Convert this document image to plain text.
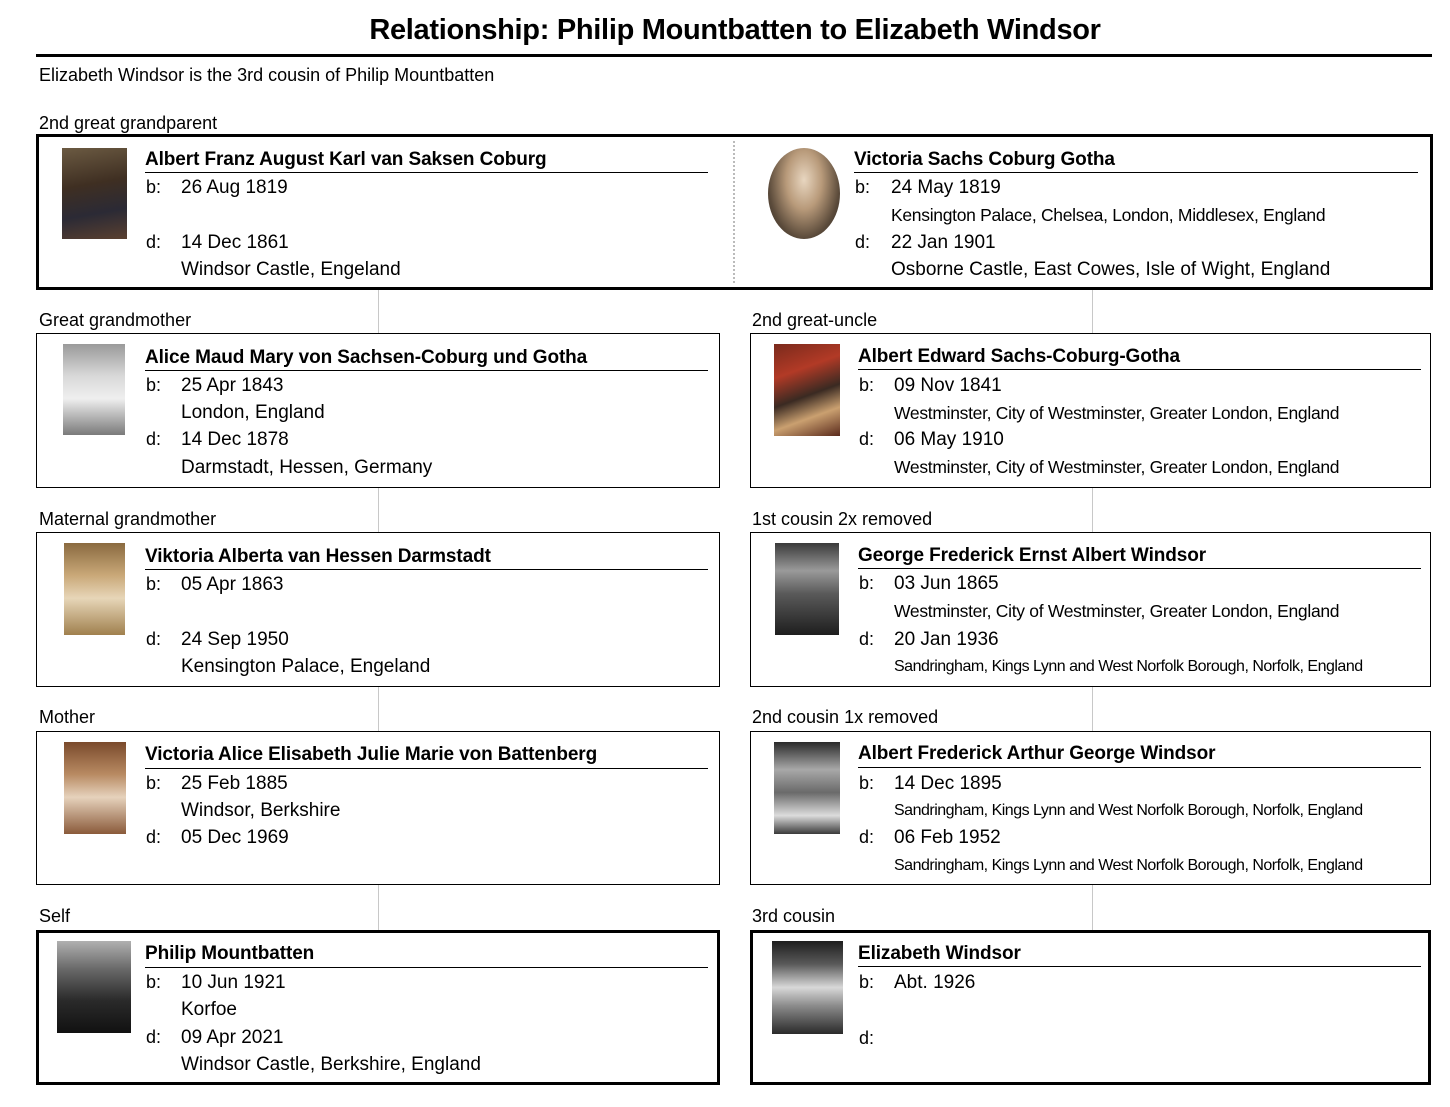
Relationship: Philip Mountbatten to Elizabeth Windsor
Elizabeth Windsor is the 3rd cousin of Philip Mountbatten
2nd great grandparent
Albert Franz August Karl van Saksen Coburg
b: 26 Aug 1819
d: 14 Dec 1861
Windsor Castle, Engeland
Victoria Sachs Coburg Gotha
b: 24 May 1819
Kensington Palace, Chelsea, London, Middlesex, England
d: 22 Jan 1901
Osborne Castle, East Cowes, Isle of Wight, England
Great grandmother
Alice Maud Mary von Sachsen-Coburg und Gotha
b: 25 Apr 1843
London, England
d: 14 Dec 1878
Darmstadt, Hessen, Germany
2nd great-uncle
Albert Edward Sachs-Coburg-Gotha
b: 09 Nov 1841
Westminster, City of Westminster, Greater London, England
d: 06 May 1910
Westminster, City of Westminster, Greater London, England
Maternal grandmother
Viktoria Alberta van Hessen Darmstadt
b: 05 Apr 1863
d: 24 Sep 1950
Kensington Palace, Engeland
1st cousin 2x removed
George Frederick Ernst Albert Windsor
b: 03 Jun 1865
Westminster, City of Westminster, Greater London, England
d: 20 Jan 1936
Sandringham, Kings Lynn and West Norfolk Borough, Norfolk, England
Mother
Victoria Alice Elisabeth Julie Marie von Battenberg
b: 25 Feb 1885
Windsor, Berkshire
d: 05 Dec 1969
2nd cousin 1x removed
Albert Frederick Arthur George Windsor
b: 14 Dec 1895
Sandringham, Kings Lynn and West Norfolk Borough, Norfolk, England
d: 06 Feb 1952
Sandringham, Kings Lynn and West Norfolk Borough, Norfolk, England
Self
Philip Mountbatten
b: 10 Jun 1921
Korfoe
d: 09 Apr 2021
Windsor Castle, Berkshire, England
3rd cousin
Elizabeth Windsor
b: Abt. 1926
d:
